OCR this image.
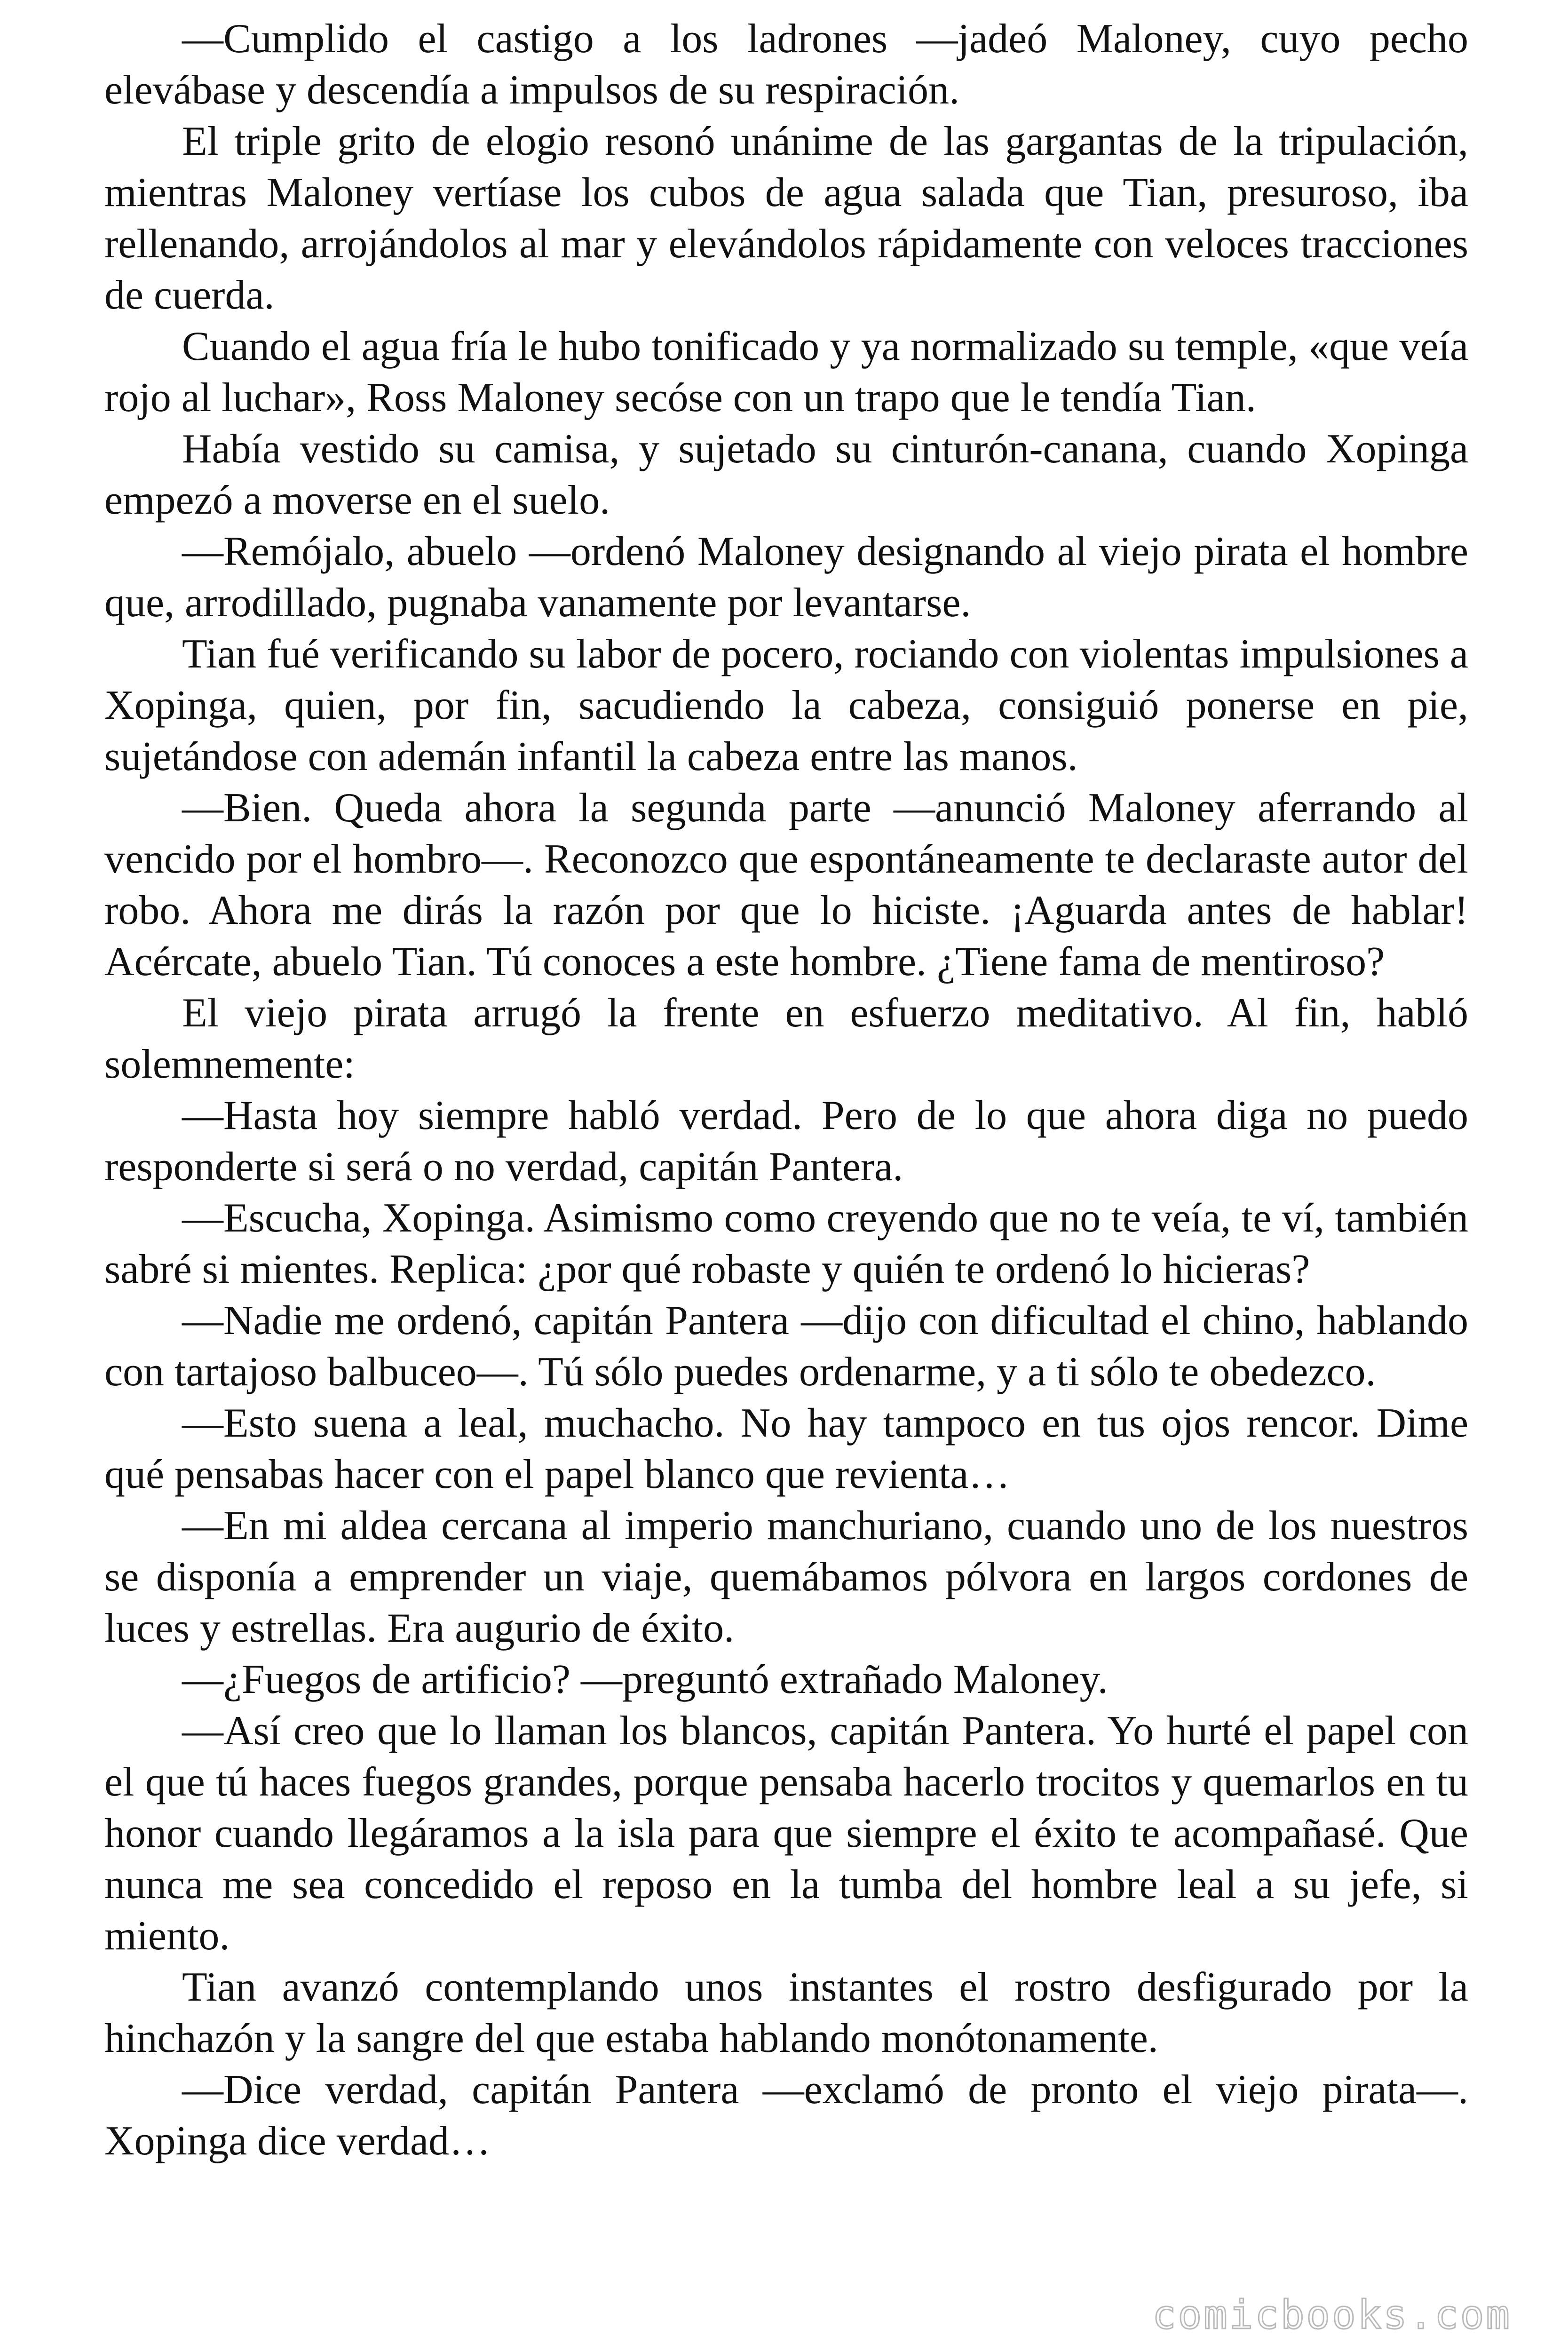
—Cumplido el castigo a los ladrones —jadeó Maloney, cuyo pecho elevábase y descendía a impulsos de su respiración.

El triple grito de elogio resonó unánime de las gargantas de la tripulación, mientras Maloney vertíase los cubos de agua salada que Tian, presuroso, iba rellenando, arrojándolos al mar y elevándolos rápidamente con veloces tracciones de cuerda.

Cuando el agua fría le hubo tonificado y ya normalizado su temple, «que veía rojo al luchar», Ross Maloney secóse con un trapo que le tendía Tian.

Había vestido su camisa, y sujetado su cinturón-canana, cuando Xopinga empezó a moverse en el suelo.

—Remójalo, abuelo —ordenó Maloney designando al viejo pirata el hombre que, arrodillado, pugnaba vanamente por levantarse.

Tian fué verificando su labor de pocero, rociando con violentas impulsiones a Xopinga, quien, por fin, sacudiendo la cabeza, consiguió ponerse en pie, sujetándose con ademán infantil la cabeza entre las manos.

—Bien. Queda ahora la segunda parte —anunció Maloney aferrando al vencido por el hombro—. Reconozco que espontáneamente te declaraste autor del robo. Ahora me dirás la razón por que lo hiciste. ¡Aguarda antes de hablar! Acércate, abuelo Tian. Tú conoces a este hombre. ¿Tiene fama de mentiroso?

El viejo pirata arrugó la frente en esfuerzo meditativo. Al fin, habló solemnemente:

—Hasta hoy siempre habló verdad. Pero de lo que ahora diga no puedo responderte si será o no verdad, capitán Pantera.

—Escucha, Xopinga. Asimismo como creyendo que no te veía, te ví, también sabré si mientes. Replica: ¿por qué robaste y quién te ordenó lo hicieras?

—Nadie me ordenó, capitán Pantera —dijo con dificultad el chino, hablando con tartajoso balbuceo—. Tú sólo puedes ordenarme, y a ti sólo te obedezco.

—Esto suena a leal, muchacho. No hay tampoco en tus ojos rencor. Dime qué pensabas hacer con el papel blanco que revienta…

—En mi aldea cercana al imperio manchuriano, cuando uno de los nuestros se disponía a emprender un viaje, quemábamos pólvora en largos cordones de luces y estrellas. Era augurio de éxito.

—¿Fuegos de artificio? —preguntó extrañado Maloney.

—Así creo que lo llaman los blancos, capitán Pantera. Yo hurté el papel con el que tú haces fuegos grandes, porque pensaba hacerlo trocitos y quemarlos en tu honor cuando llegáramos a la isla para que siempre el éxito te acompañasé. Que nunca me sea concedido el reposo en la tumba del hombre leal a su jefe, si miento.

Tian avanzó contemplando unos instantes el rostro desfigurado por la hinchazón y la sangre del que estaba hablando monótonamente.

—Dice verdad, capitán Pantera —exclamó de pronto el viejo pirata—. Xopinga dice verdad…

comicbooks.com
